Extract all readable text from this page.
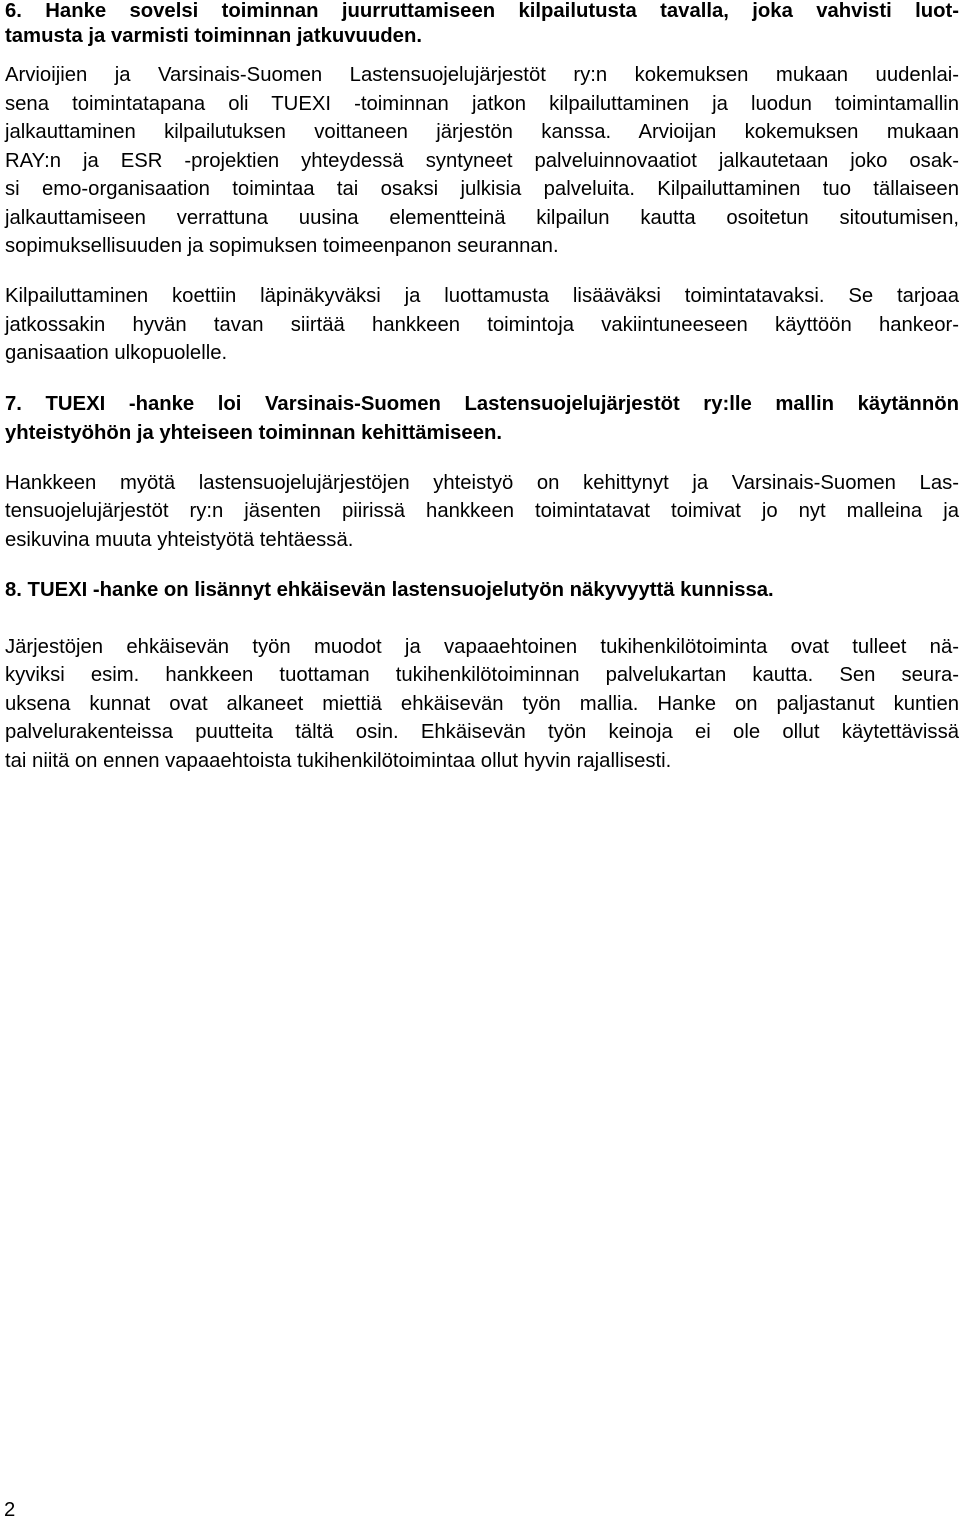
6. Hanke sovelsi toiminnan juurruttamiseen kilpailutusta tavalla, joka vahvisti luot-
tamusta ja varmisti toiminnan jatkuvuuden.
Arvioijien ja Varsinais-Suomen Lastensuojelujärjestöt ry:n kokemuksen mukaan uudenlai-
sena toimintatapana oli TUEXI -toiminnan jatkon kilpailuttaminen ja luodun toimintamallin
jalkauttaminen kilpailutuksen voittaneen järjestön kanssa. Arvioijan kokemuksen mukaan
RAY:n ja ESR -projektien yhteydessä syntyneet palveluinnovaatiot jalkautetaan joko osak-
si emo-organisaation toimintaa tai osaksi julkisia palveluita. Kilpailuttaminen tuo tällaiseen
jalkauttamiseen verrattuna uusina elementteinä kilpailun kautta osoitetun sitoutumisen,
sopimuksellisuuden ja sopimuksen toimeenpanon seurannan.
Kilpailuttaminen koettiin läpinäkyväksi ja luottamusta lisääväksi toimintatavaksi. Se tarjoaa
jatkossakin hyvän tavan siirtää hankkeen toimintoja vakiintuneeseen käyttöön hankeor-
ganisaation ulkopuolelle.
7. TUEXI -hanke loi Varsinais-Suomen Lastensuojelujärjestöt ry:lle mallin käytännön
yhteistyöhön ja yhteiseen toiminnan kehittämiseen.
Hankkeen myötä lastensuojelujärjestöjen yhteistyö on kehittynyt ja Varsinais-Suomen Las-
tensuojelujärjestöt ry:n jäsenten piirissä hankkeen toimintatavat toimivat jo nyt malleina ja
esikuvina muuta yhteistyötä tehtäessä.
8. TUEXI -hanke on lisännyt ehkäisevän lastensuojelutyön näkyvyyttä kunnissa.
Järjestöjen ehkäisevän työn muodot ja vapaaehtoinen tukihenkilötoiminta ovat tulleet nä-
kyviksi esim. hankkeen tuottaman tukihenkilötoiminnan palvelukartan kautta. Sen seura-
uksena kunnat ovat alkaneet miettiä ehkäisevän työn mallia. Hanke on paljastanut kuntien
palvelurakenteissa puutteita tältä osin. Ehkäisevän työn keinoja ei ole ollut käytettävissä
tai niitä on ennen vapaaehtoista tukihenkilötoimintaa ollut hyvin rajallisesti.
2
